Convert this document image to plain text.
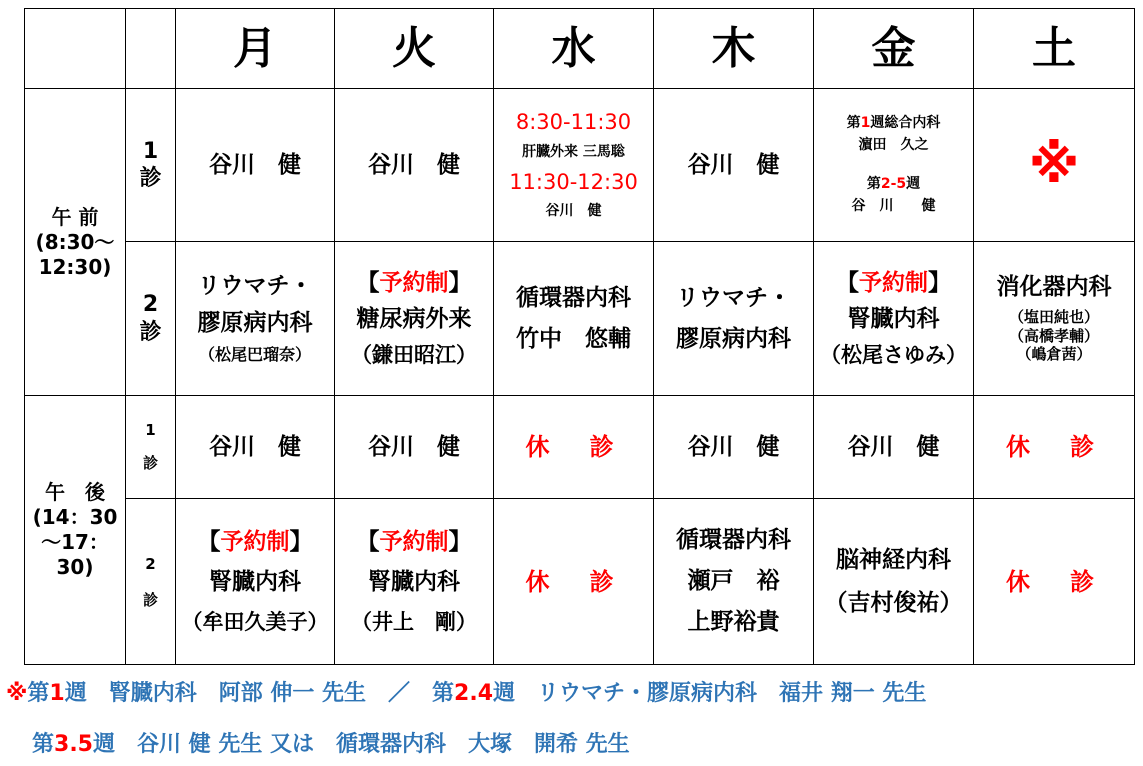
		月	火	水	木	金	土

午 前
(8:30～
12:30)	1
診	谷川　健	谷川　健	8:30-11:30
肝臓外来 三馬聡
11:30-12:30
谷川　健	谷川　健	第1週総合内科
濵田　久之
第2-5週
谷　川　　健	※

	2
診	リウマチ・
膠原病内科
（松尾巴瑠奈）	【予約制】
糖尿病外来
（鎌田昭江）	循環器内科
竹中　悠輔	リウマチ・
膠原病内科	【予約制】
腎臓内科
（松尾さゆみ）	消化器内科
（塩田純也）
（高橋孝輔）
（嶋倉茜）

午　後
(14：30
～17：
30)	1
診	谷川　健	谷川　健	休　診	谷川　健	谷川　健	休　診

	2
診	【予約制】
腎臓内科
（牟田久美子）	【予約制】
腎臓内科
（井上　剛）	休　診	循環器内科
瀬戸　裕
上野裕貴	脳神経内科
（吉村俊祐）	休　診
※第1週　腎臓内科　阿部 伸一 先生　／　第2.4週　リウマチ・膠原病内科　福井 翔一 先生
第3.5週　谷川 健 先生 又は　循環器内科　大塚　開希 先生
